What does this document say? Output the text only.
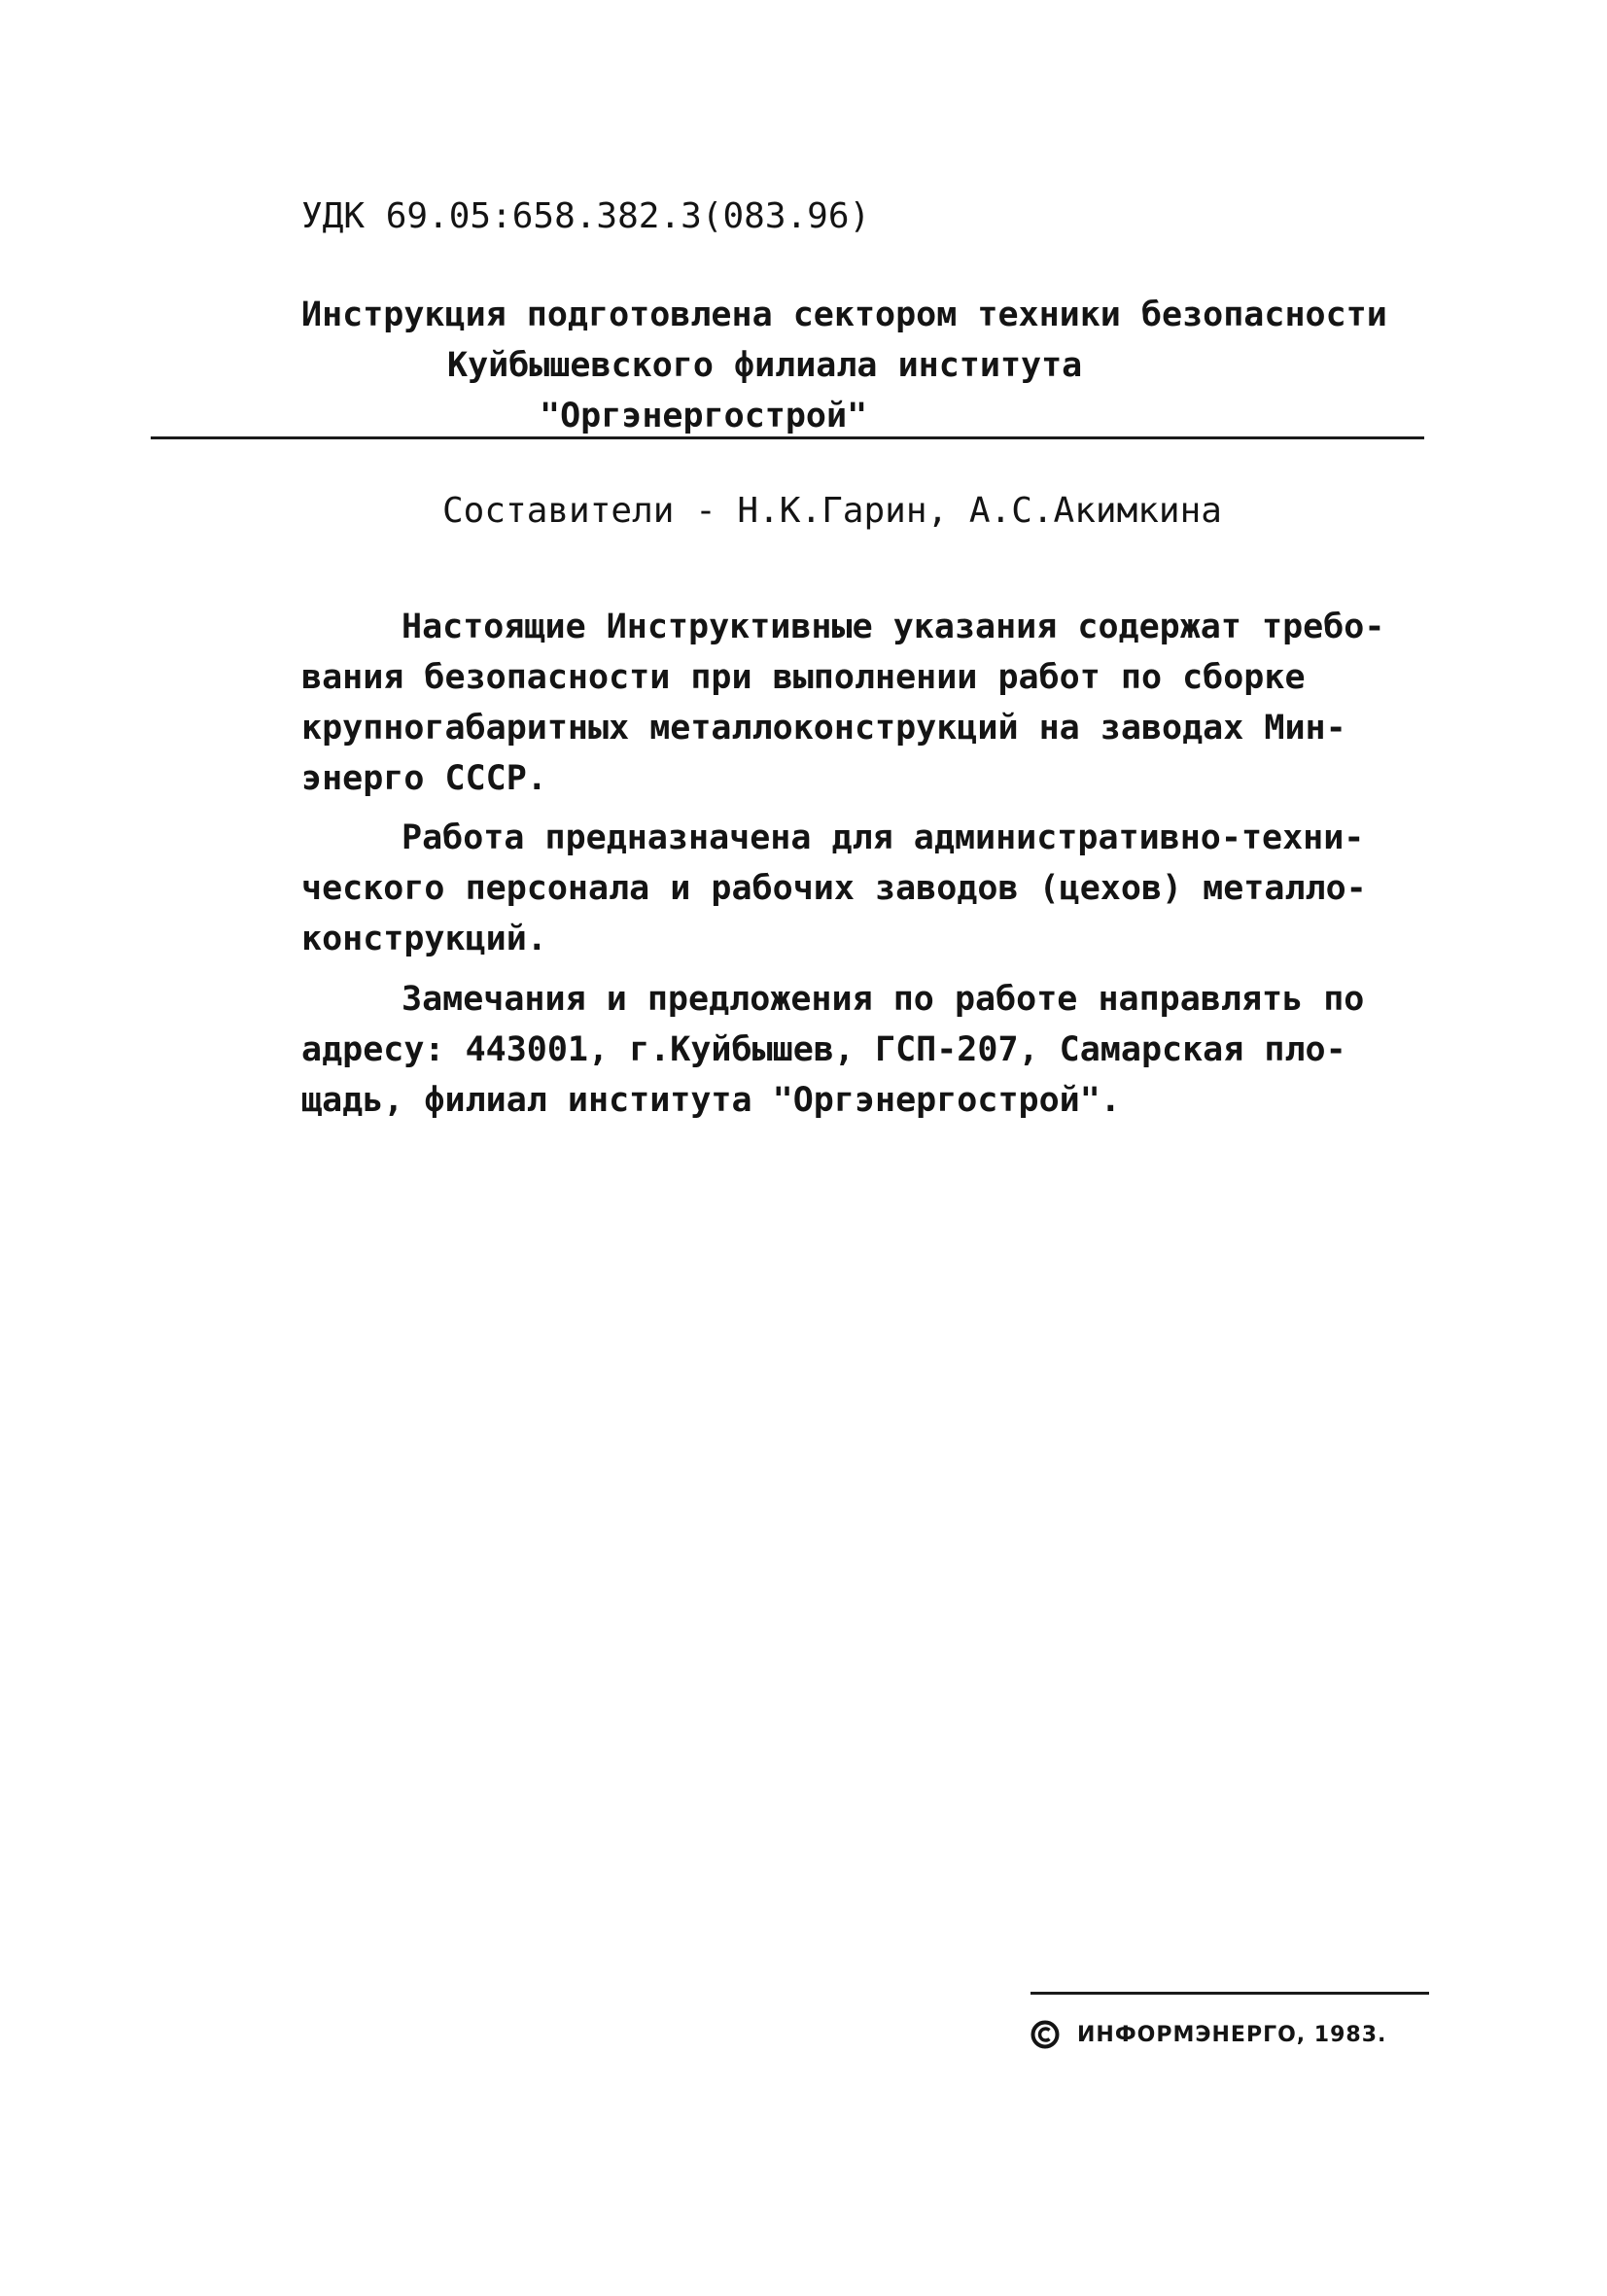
УДК 69.05:658.382.3(083.96)
Инструкция подготовлена сектором техники безопасности
Куйбышевского филиала института
"Оргэнергострой"
Составители - Н.К.Гарин, А.С.Акимкина
Настоящие Инструктивные указания содержат требо-
вания безопасности при выполнении работ по сборке
крупногабаритных металлоконструкций на заводах Мин-
энерго СССР.
Работа предназначена для административно-техни-
ческого персонала и рабочих заводов (цехов) металло-
конструкций.
Замечания и предложения по работе направлять по
адресу: 443001, г.Куйбышев, ГСП-207, Самарская пло-
щадь, филиал института "Оргэнергострой".
ИНФОРМЭНЕРГО, 1983.
